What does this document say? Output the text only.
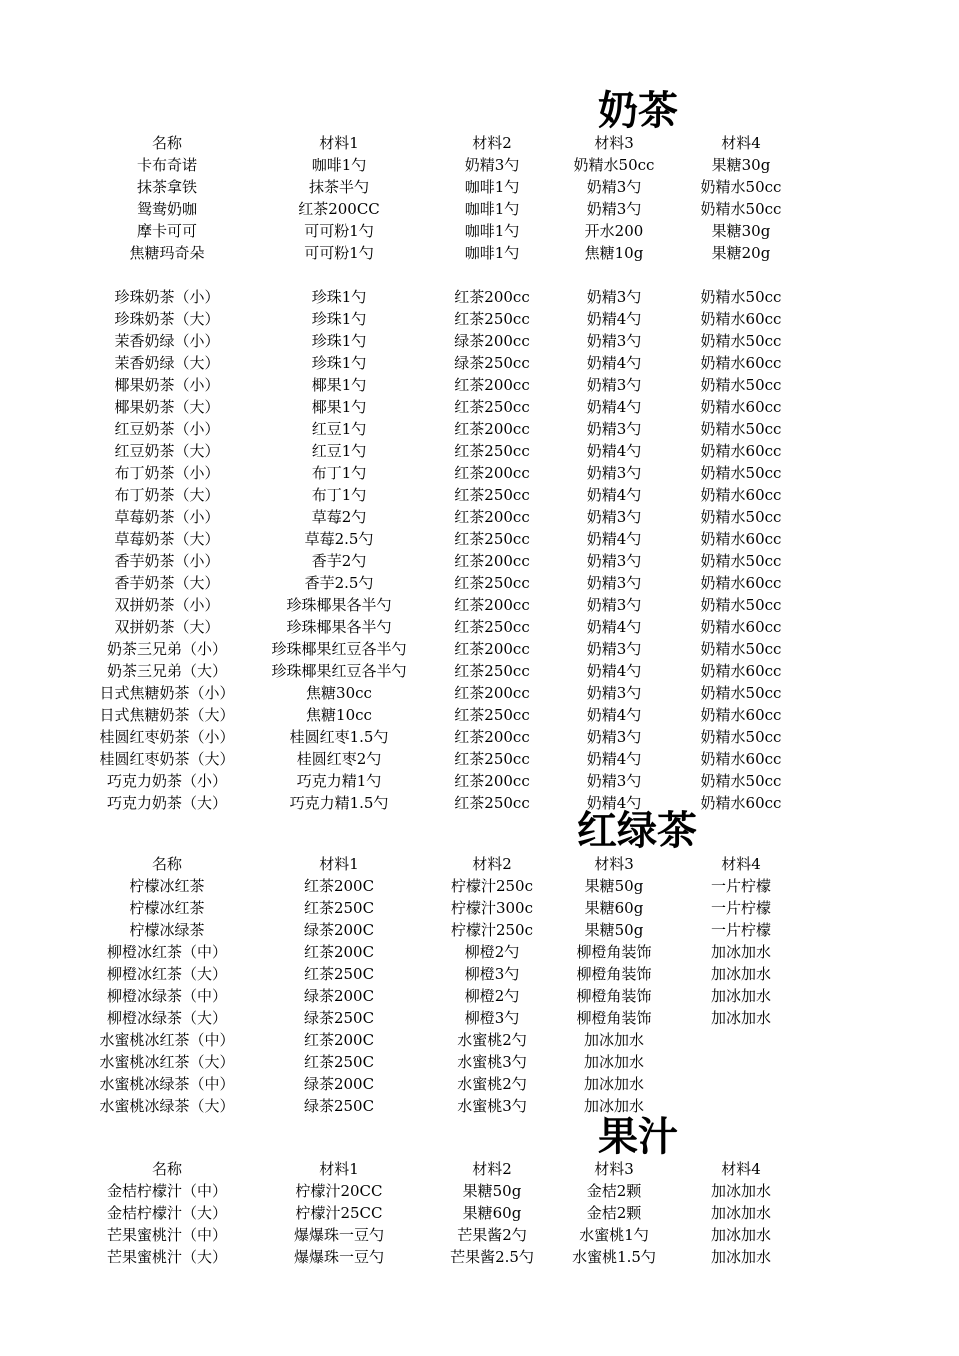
奶茶
名称	材料1	材料2	材料3	材料4
卡布奇诺	咖啡1勺	奶精3勺	奶精水50cc	果糖30g
抹茶拿铁	抹茶半勺	咖啡1勺	奶精3勺	奶精水50cc
鸳鸯奶咖	红茶200CC	咖啡1勺	奶精3勺	奶精水50cc
摩卡可可	可可粉1勺	咖啡1勺	开水200	果糖30g
焦糖玛奇朵	可可粉1勺	咖啡1勺	焦糖10g	果糖20g
珍珠奶茶（小）	珍珠1勺	红茶200cc	奶精3勺	奶精水50cc
珍珠奶茶（大）	珍珠1勺	红茶250cc	奶精4勺	奶精水60cc
茉香奶绿（小）	珍珠1勺	绿茶200cc	奶精3勺	奶精水50cc
茉香奶绿（大）	珍珠1勺	绿茶250cc	奶精4勺	奶精水60cc
椰果奶茶（小）	椰果1勺	红茶200cc	奶精3勺	奶精水50cc
椰果奶茶（大）	椰果1勺	红茶250cc	奶精4勺	奶精水60cc
红豆奶茶（小）	红豆1勺	红茶200cc	奶精3勺	奶精水50cc
红豆奶茶（大）	红豆1勺	红茶250cc	奶精4勺	奶精水60cc
布丁奶茶（小）	布丁1勺	红茶200cc	奶精3勺	奶精水50cc
布丁奶茶（大）	布丁1勺	红茶250cc	奶精4勺	奶精水60cc
草莓奶茶（小）	草莓2勺	红茶200cc	奶精3勺	奶精水50cc
草莓奶茶（大）	草莓2.5勺	红茶250cc	奶精4勺	奶精水60cc
香芋奶茶（小）	香芋2勺	红茶200cc	奶精3勺	奶精水50cc
香芋奶茶（大）	香芋2.5勺	红茶250cc	奶精3勺	奶精水60cc
双拼奶茶（小）	珍珠椰果各半勺	红茶200cc	奶精3勺	奶精水50cc
双拼奶茶（大）	珍珠椰果各半勺	红茶250cc	奶精4勺	奶精水60cc
奶茶三兄弟（小）	珍珠椰果红豆各半勺	红茶200cc	奶精3勺	奶精水50cc
奶茶三兄弟（大）	珍珠椰果红豆各半勺	红茶250cc	奶精4勺	奶精水60cc
日式焦糖奶茶（小）	焦糖30cc	红茶200cc	奶精3勺	奶精水50cc
日式焦糖奶茶（大）	焦糖10cc	红茶250cc	奶精4勺	奶精水60cc
桂圆红枣奶茶（小）	桂圆红枣1.5勺	红茶200cc	奶精3勺	奶精水50cc
桂圆红枣奶茶（大）	桂圆红枣2勺	红茶250cc	奶精4勺	奶精水60cc
巧克力奶茶（小）	巧克力精1勺	红茶200cc	奶精3勺	奶精水50cc
巧克力奶茶（大）	巧克力精1.5勺	红茶250cc	奶精4勺	奶精水60cc
红绿茶
名称	材料1	材料2	材料3	材料4
柠檬冰红茶	红茶200C	柠檬汁250c	果糖50g	一片柠檬
柠檬冰红茶	红茶250C	柠檬汁300c	果糖60g	一片柠檬
柠檬冰绿茶	绿茶200C	柠檬汁250c	果糖50g	一片柠檬
柳橙冰红茶（中）	红茶200C	柳橙2勺	柳橙角装饰	加冰加水
柳橙冰红茶（大）	红茶250C	柳橙3勺	柳橙角装饰	加冰加水
柳橙冰绿茶（中）	绿茶200C	柳橙2勺	柳橙角装饰	加冰加水
柳橙冰绿茶（大）	绿茶250C	柳橙3勺	柳橙角装饰	加冰加水
水蜜桃冰红茶（中）	红茶200C	水蜜桃2勺	加冰加水
水蜜桃冰红茶（大）	红茶250C	水蜜桃3勺	加冰加水
水蜜桃冰绿茶（中）	绿茶200C	水蜜桃2勺	加冰加水
水蜜桃冰绿茶（大）	绿茶250C	水蜜桃3勺	加冰加水
果汁
名称	材料1	材料2	材料3	材料4
金桔柠檬汁（中）	柠檬汁20CC	果糖50g	金桔2颗	加冰加水
金桔柠檬汁（大）	柠檬汁25CC	果糖60g	金桔2颗	加冰加水
芒果蜜桃汁（中）	爆爆珠一豆勺	芒果酱2勺	水蜜桃1勺	加冰加水
芒果蜜桃汁（大）	爆爆珠一豆勺	芒果酱2.5勺	水蜜桃1.5勺	加冰加水
